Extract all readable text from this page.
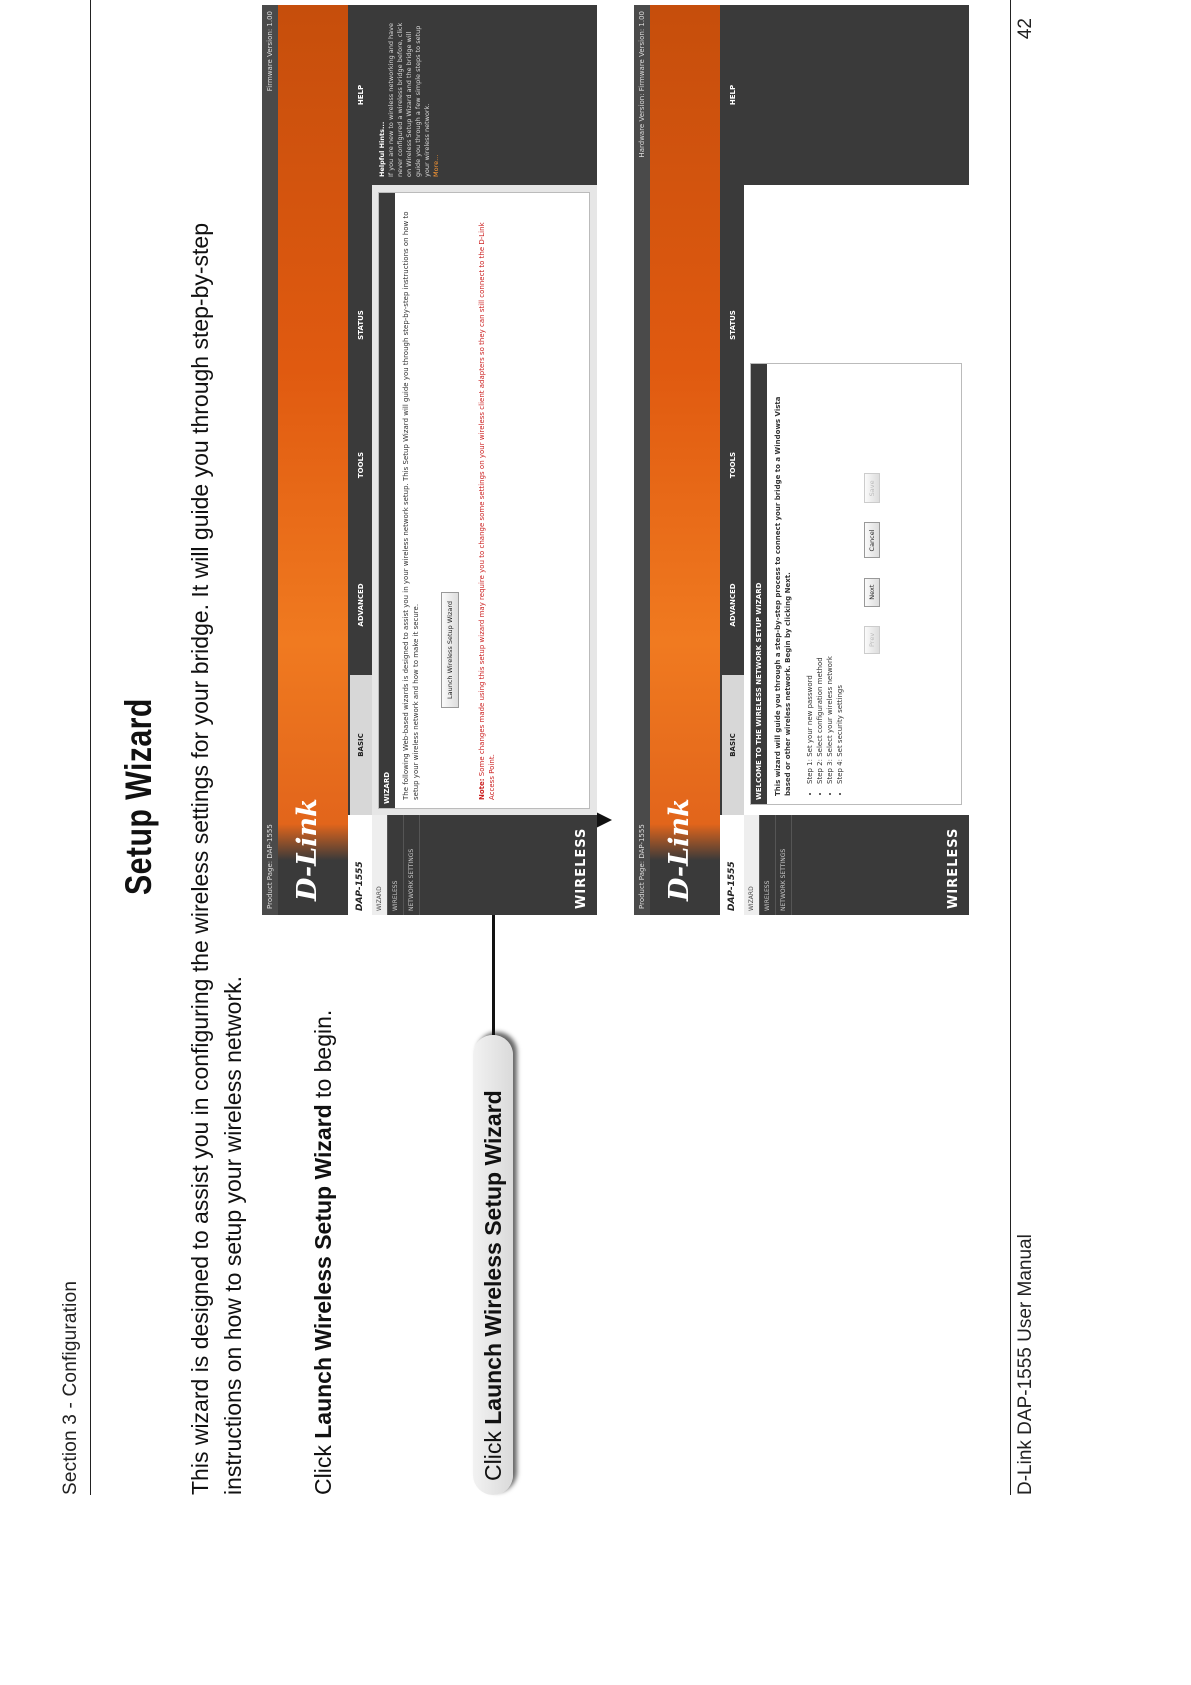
Section 3 - Configuration
Setup Wizard This wizard is designed to assist you in configuring the wireless settings for your bridge. It will guide you through step-by-step instructions on how to setup your wireless network.	Click Launch Wireless Setup Wizard to begin.
Click Launch Wireless Setup Wizard
Product Page: DAP-1555
Firmware Version: 1.00
D-Link	DAP-1555
BASIC
ADVANCED
TOOLS
STATUS
HELP
WIZARD	WIRELESS	NETWORK SETTINGS	WIRELESS
WIZARD	The following Web-based wizards is designed to assist you in your wireless network setup. This Setup Wizard will guide you through step-by-step instructions on how to setup your wireless network and how to make it secure.	Launch Wireless Setup Wizard
Note: Some changes made using this setup wizard may require you to change some settings on your wireless client adapters so they can still connect to the D-Link Access Point.
Helpful Hints... If you are new to wireless networking and have never configured a wireless bridge before, click on Wireless Setup Wizard and the bridge will guide you through a few simple steps to setup your wireless network. More...
Product Page: DAP-1555
Hardware Version: Firmware Version: 1.00
D-Link	DAP-1555
BASIC
ADVANCED
TOOLS
STATUS
HELP
WIZARD	WIRELESS	NETWORK SETTINGS	WIRELESS
WELCOME TO THE WIRELESS NETWORK SETUP WIZARD	This wizard will guide you through a step-by-step process to connect your bridge to a Windows Vista based or other wireless network. Begin by clicking Next.	• Step 1: Set your new password • Step 2: Select configuration method • Step 3: Select your wireless network • Step 4: Set security settings
Prev Next Cancel Save
D-Link DAP-1555 User Manual
42
